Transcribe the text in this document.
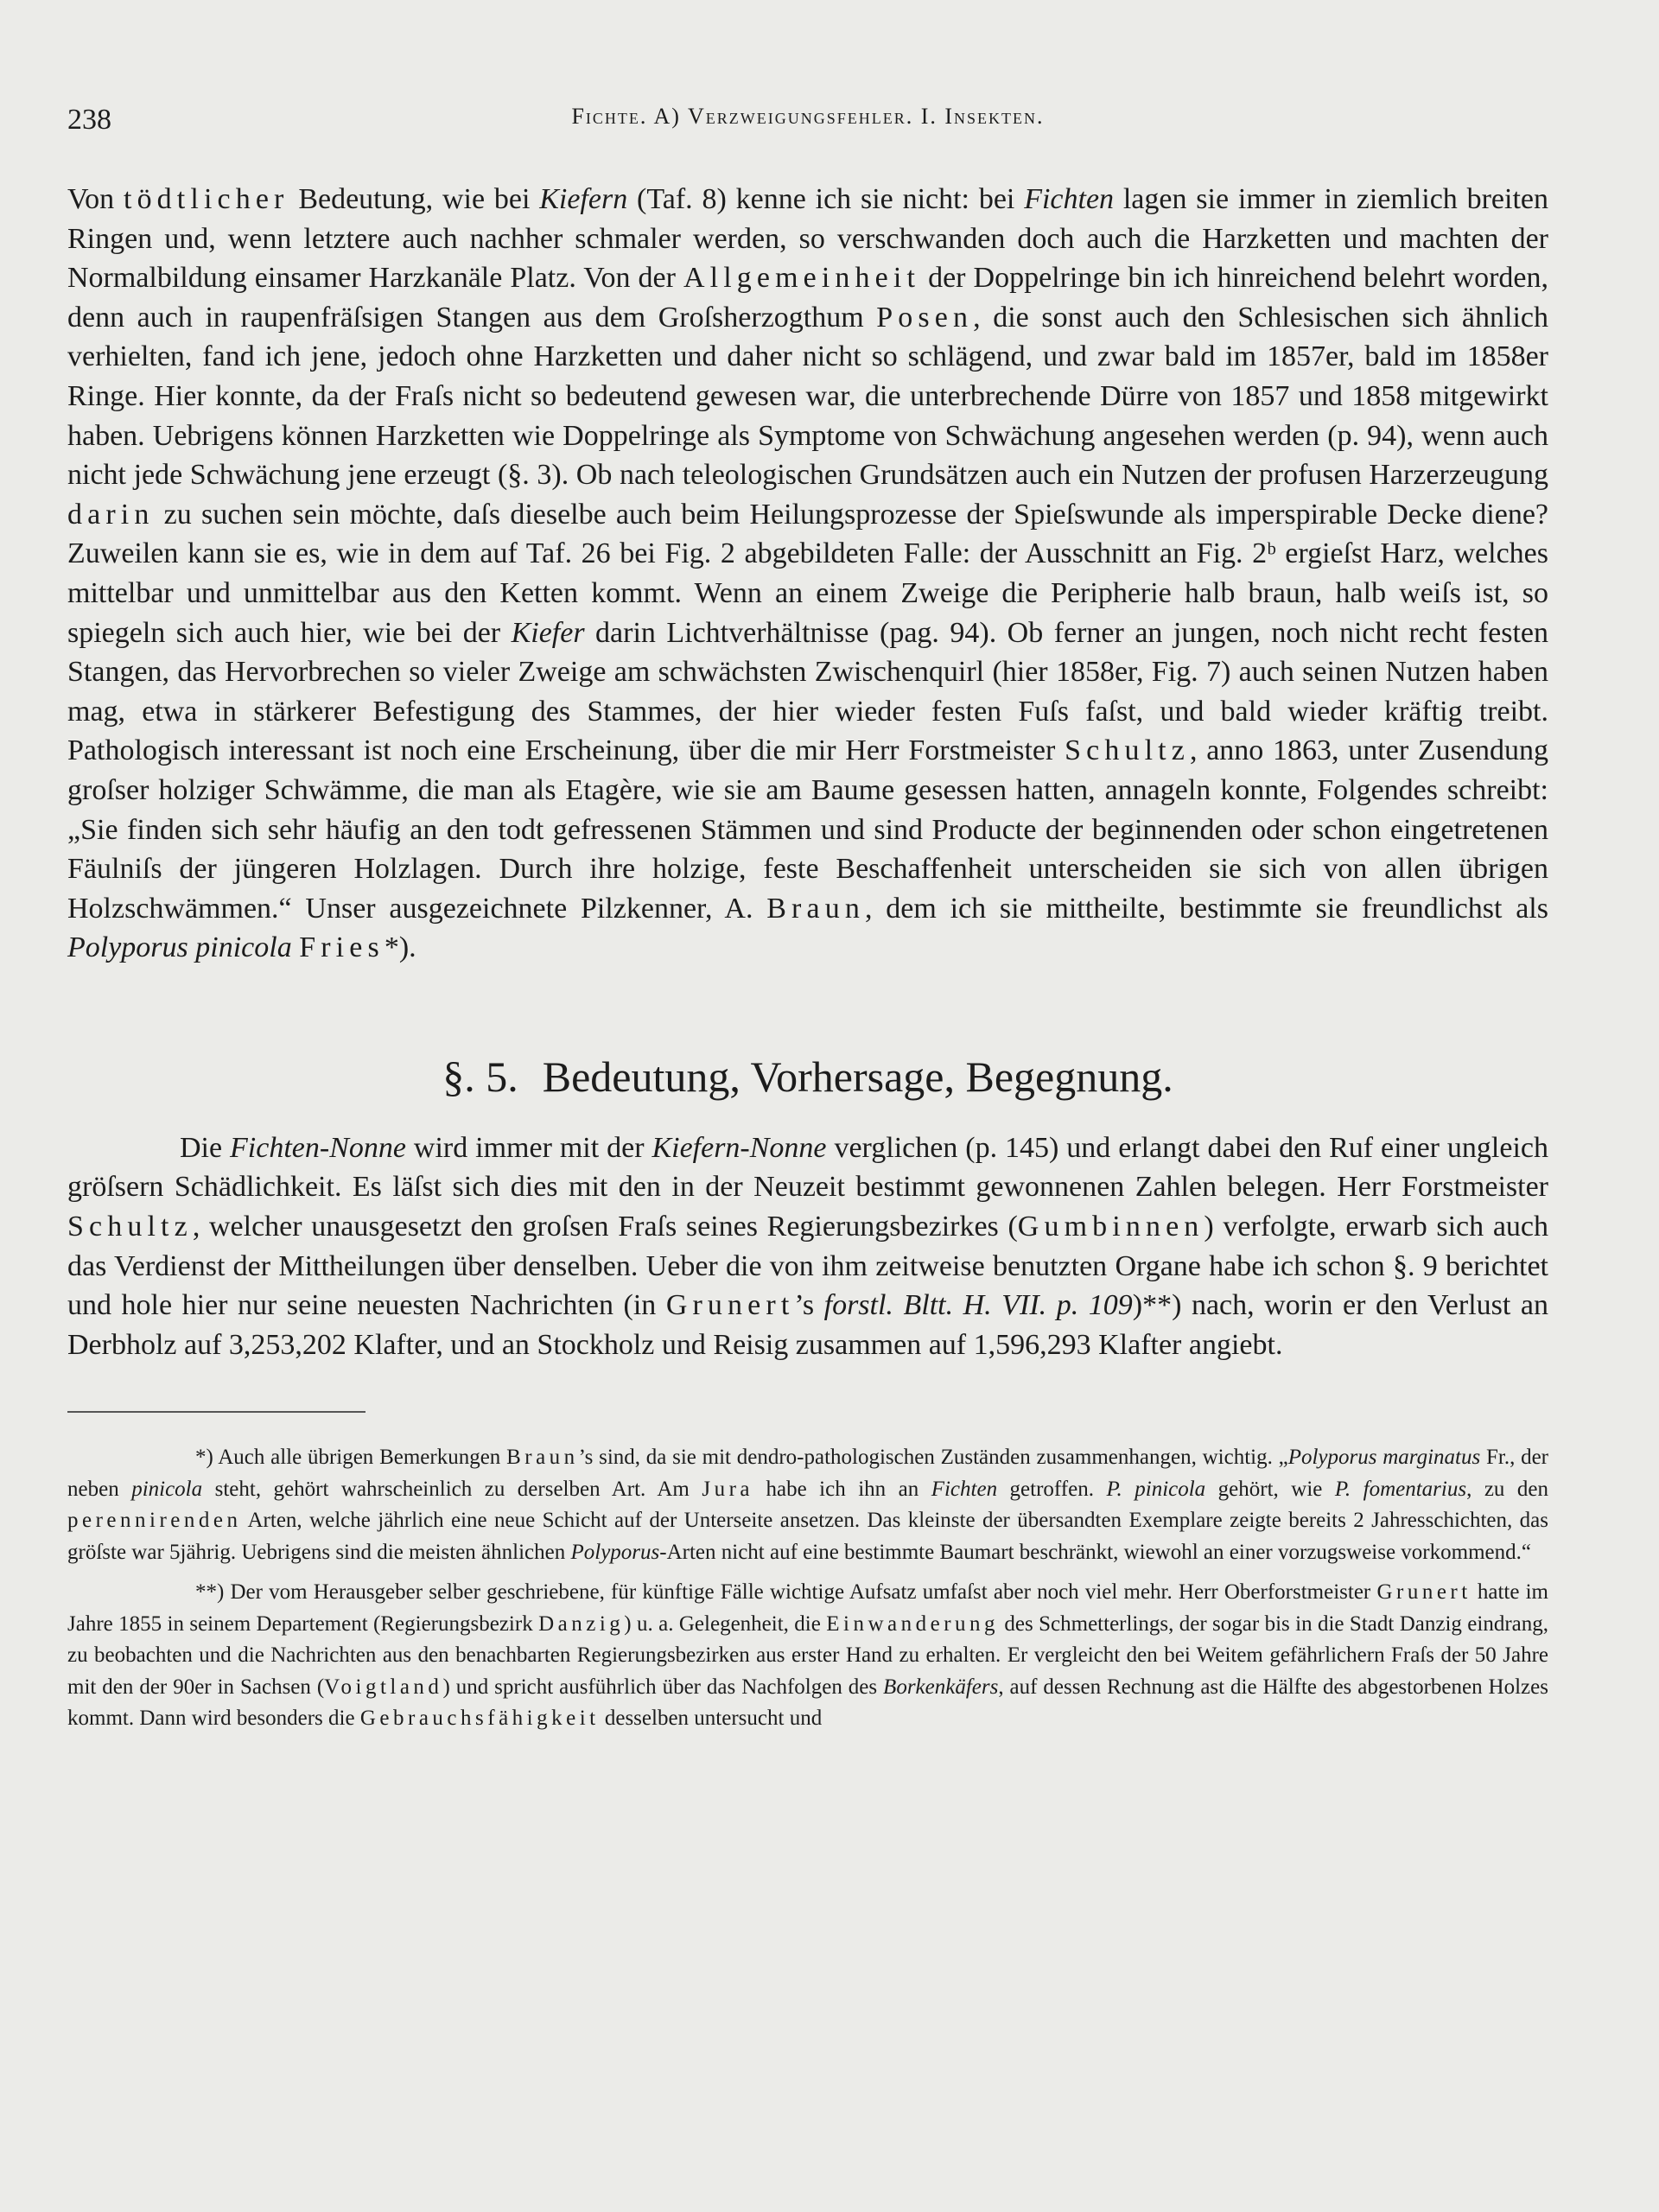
238	Fichte. A) Verzweigungsfehler. I. Insekten.

Von tödtlicher Bedeutung, wie bei Kiefern (Taf. 8) kenne ich sie nicht: bei Fichten lagen sie immer in ziemlich breiten Ringen und, wenn letztere auch nachher schmaler werden, so verschwanden doch auch die Harzketten und machten der Normalbildung einsamer Harzkanäle Platz. Von der Allgemeinheit der Doppelringe bin ich hinreichend belehrt worden, denn auch in raupenfräſsigen Stangen aus dem Groſsherzogthum Posen, die sonst auch den Schlesischen sich ähnlich verhielten, fand ich jene, jedoch ohne Harzketten und daher nicht so schlägend, und zwar bald im 1857er, bald im 1858er Ringe. Hier konnte, da der Fraſs nicht so bedeutend gewesen war, die unterbrechende Dürre von 1857 und 1858 mitgewirkt haben. Uebrigens können Harzketten wie Doppelringe als Symptome von Schwächung angesehen werden (p. 94), wenn auch nicht jede Schwächung jene erzeugt (§. 3). Ob nach teleologischen Grundsätzen auch ein Nutzen der profusen Harzerzeugung darin zu suchen sein möchte, daſs dieselbe auch beim Heilungsprozesse der Spieſswunde als imperspirable Decke diene? Zuweilen kann sie es, wie in dem auf Taf. 26 bei Fig. 2 abgebildeten Falle: der Ausschnitt an Fig. 2ᵇ ergieſst Harz, welches mittelbar und unmittelbar aus den Ketten kommt. Wenn an einem Zweige die Peripherie halb braun, halb weiſs ist, so spiegeln sich auch hier, wie bei der Kiefer darin Lichtverhältnisse (pag. 94). Ob ferner an jungen, noch nicht recht festen Stangen, das Hervorbrechen so vieler Zweige am schwächsten Zwischenquirl (hier 1858er, Fig. 7) auch seinen Nutzen haben mag, etwa in stärkerer Befestigung des Stammes, der hier wieder festen Fuſs faſst, und bald wieder kräftig treibt. Pathologisch interessant ist noch eine Erscheinung, über die mir Herr Forstmeister Schultz, anno 1863, unter Zusendung groſser holziger Schwämme, die man als Etagère, wie sie am Baume gesessen hatten, annageln konnte, Folgendes schreibt: „Sie finden sich sehr häufig an den todt gefressenen Stämmen und sind Producte der beginnenden oder schon eingetretenen Fäulniſs der jüngeren Holzlagen. Durch ihre holzige, feste Beschaffenheit unterscheiden sie sich von allen übrigen Holzschwämmen.“ Unser ausgezeichnete Pilzkenner, A. Braun, dem ich sie mittheilte, bestimmte sie freundlichst als Polyporus pinicola Fries*).

§. 5. Bedeutung, Vorhersage, Begegnung.

Die Fichten-Nonne wird immer mit der Kiefern-Nonne verglichen (p. 145) und erlangt dabei den Ruf einer ungleich gröſsern Schädlichkeit. Es läſst sich dies mit den in der Neuzeit bestimmt gewonnenen Zahlen belegen. Herr Forstmeister Schultz, welcher unausgesetzt den groſsen Fraſs seines Regierungsbezirkes (Gumbinnen) verfolgte, erwarb sich auch das Verdienst der Mittheilungen über denselben. Ueber die von ihm zeitweise benutzten Organe habe ich schon §. 9 berichtet und hole hier nur seine neuesten Nachrichten (in Grunert’s forstl. Bltt. H. VII. p. 109)**) nach, worin er den Verlust an Derbholz auf 3,253,202 Klafter, und an Stockholz und Reisig zusammen auf 1,596,293 Klafter angiebt.

*) Auch alle übrigen Bemerkungen Braun’s sind, da sie mit dendro-pathologischen Zuständen zusammenhangen, wichtig. „Polyporus marginatus Fr., der neben pinicola steht, gehört wahrscheinlich zu derselben Art. Am Jura habe ich ihn an Fichten getroffen. P. pinicola gehört, wie P. fomentarius, zu den perennirenden Arten, welche jährlich eine neue Schicht auf der Unterseite ansetzen. Das kleinste der übersandten Exemplare zeigte bereits 2 Jahresschichten, das gröſste war 5jährig. Uebrigens sind die meisten ähnlichen Polyporus-Arten nicht auf eine bestimmte Baumart beschränkt, wiewohl an einer vorzugsweise vorkommend.“

**) Der vom Herausgeber selber geschriebene, für künftige Fälle wichtige Aufsatz umfaſst aber noch viel mehr. Herr Oberforstmeister Grunert hatte im Jahre 1855 in seinem Departement (Regierungsbezirk Danzig) u. a. Gelegenheit, die Einwanderung des Schmetterlings, der sogar bis in die Stadt Danzig eindrang, zu beobachten und die Nachrichten aus den benachbarten Regierungsbezirken aus erster Hand zu erhalten. Er vergleicht den bei Weitem gefährlichern Fraſs der 50 Jahre mit den der 90er in Sachsen (Voigtland) und spricht ausführlich über das Nachfolgen des Borkenkäfers, auf dessen Rechnung ast die Hälfte des abgestorbenen Holzes kommt. Dann wird besonders die Gebrauchsfähigkeit desselben untersucht und
